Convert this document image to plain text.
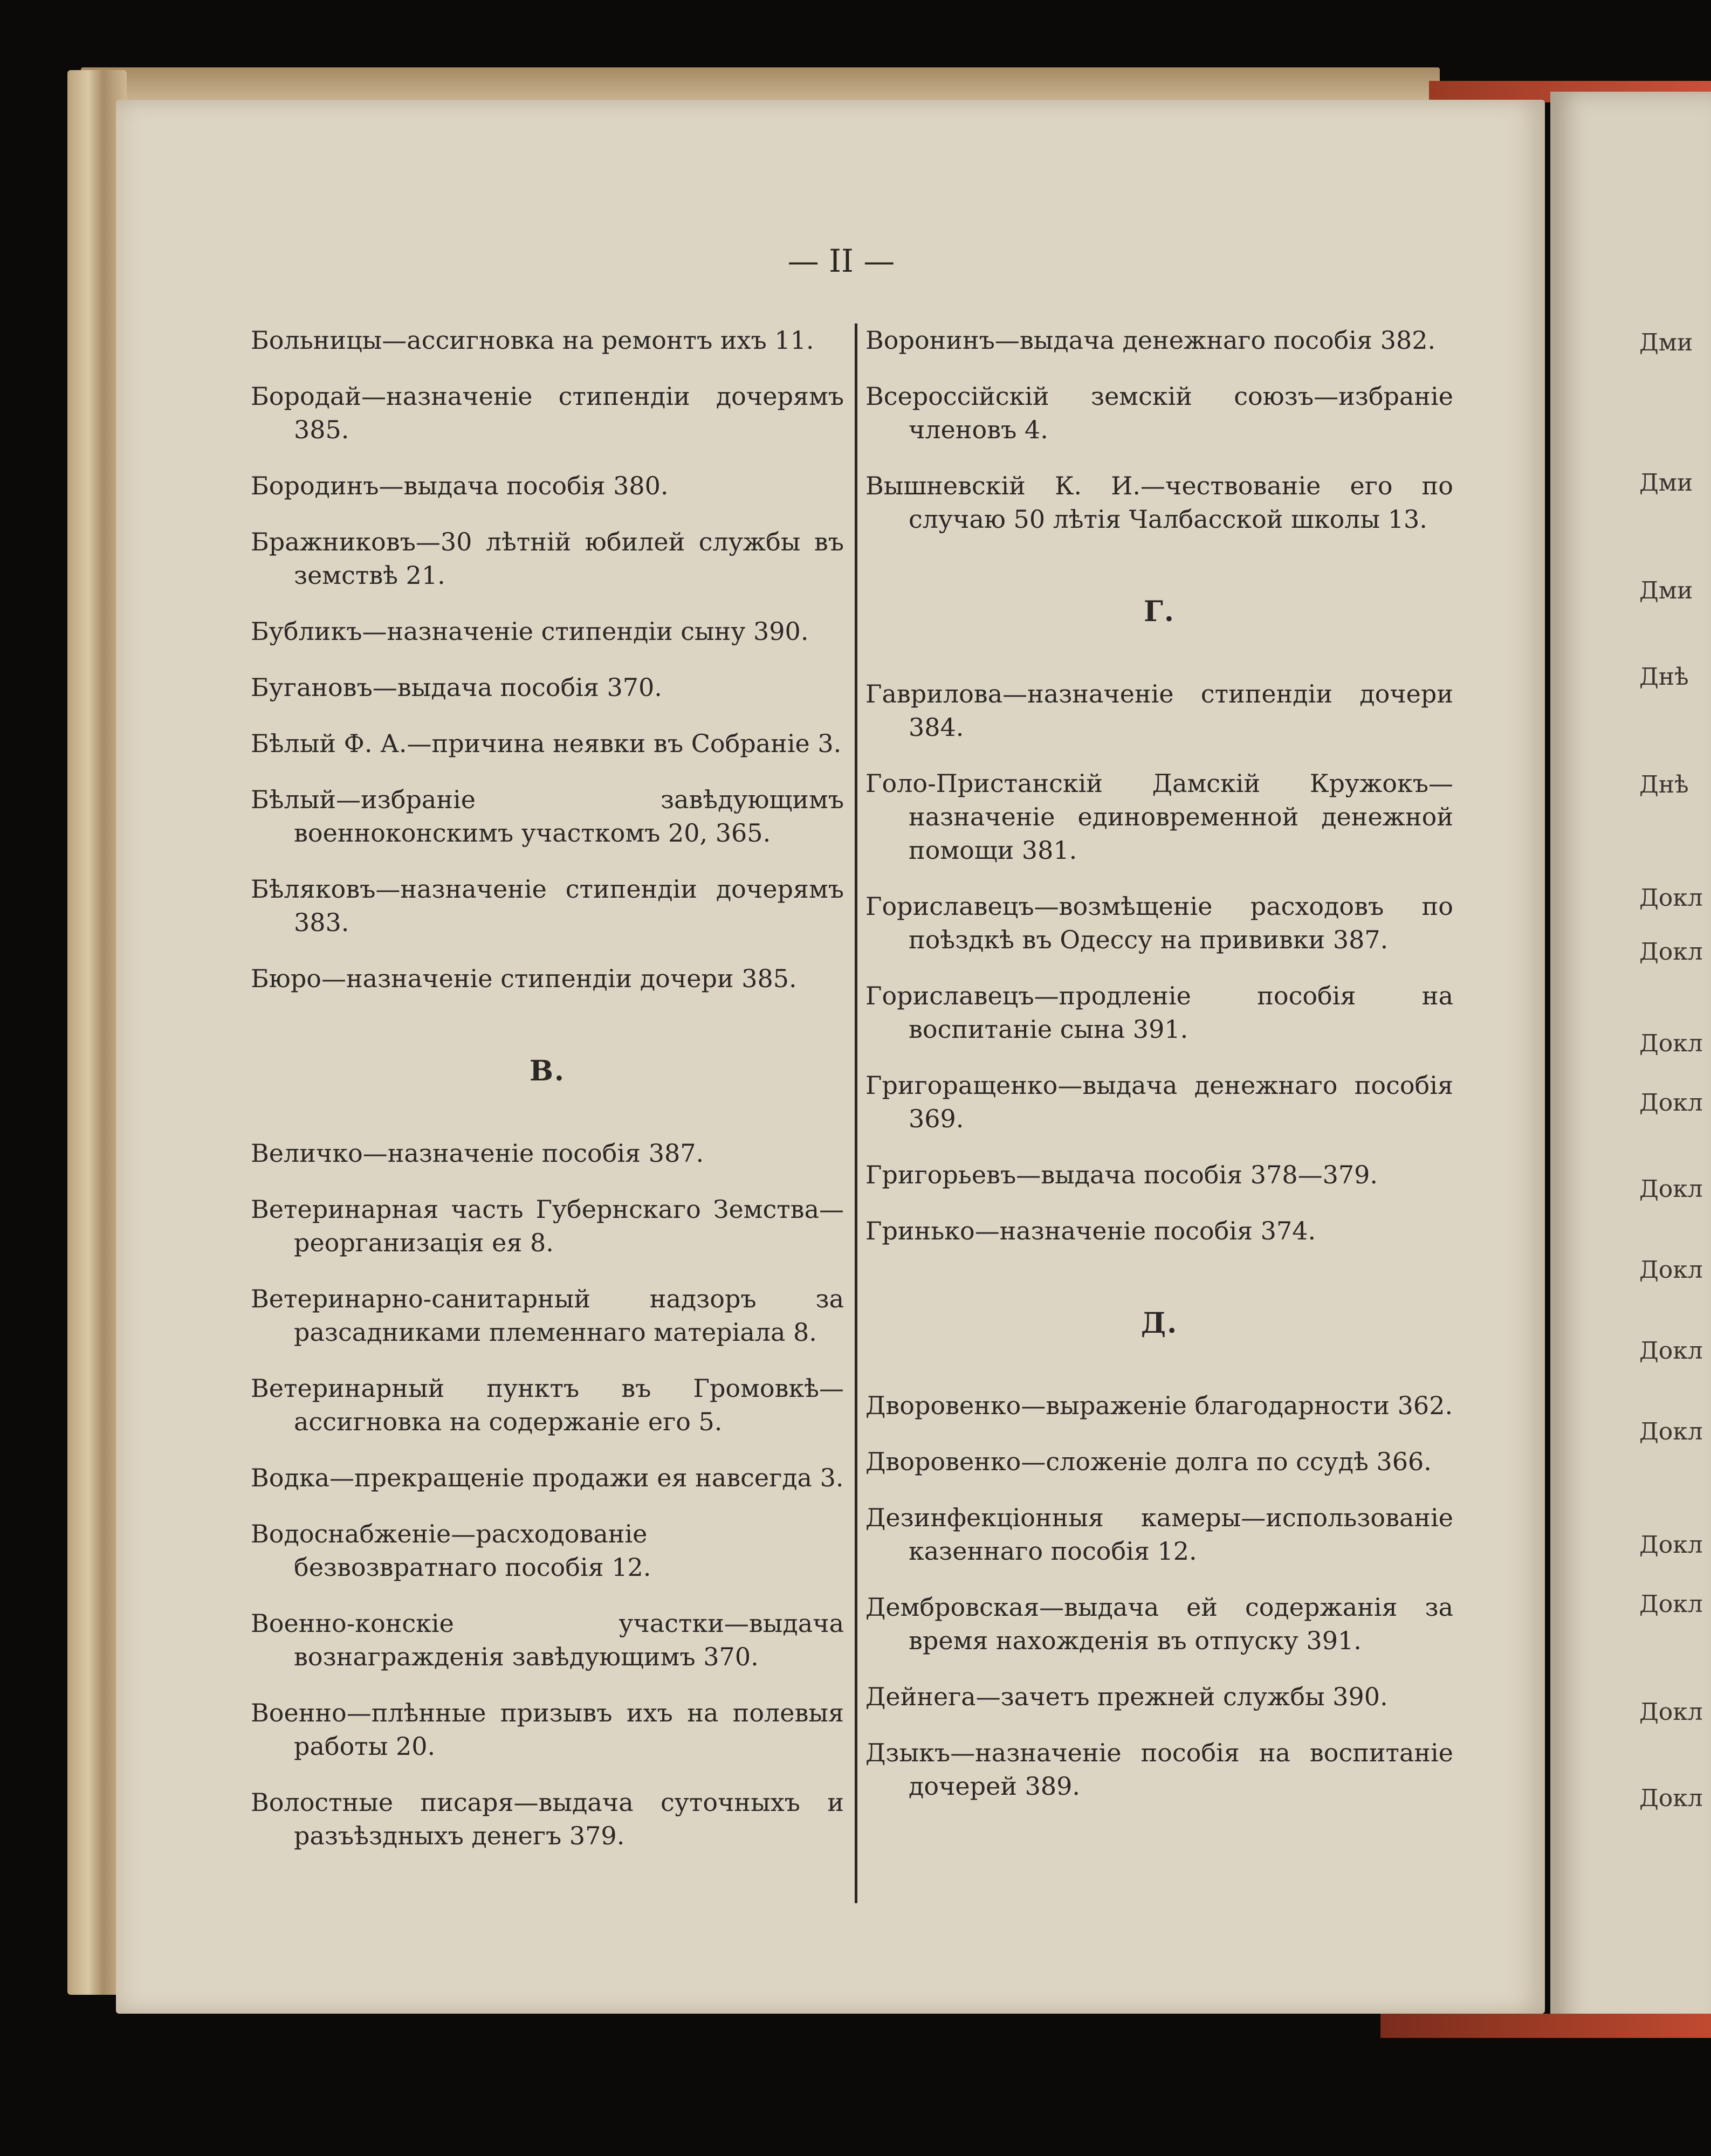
— II —

Больницы—ассигновка на ремонтъ ихъ 11.

Бородай—назначеніе стипендіи дочерямъ 385.

Бородинъ—выдача пособія 380.

Бражниковъ—30 лѣтній юбилей службы въ земствѣ 21.

Бубликъ—назначеніе стипендіи сыну 390.

Бугановъ—выдача пособія 370.

Бѣлый Ф. А.—причина неявки въ Собраніе 3.

Бѣлый—избраніе завѣдующимъ военноконскимъ участкомъ 20, 365.

Бѣляковъ—назначеніе стипендіи дочерямъ 383.

Бюро—назначеніе стипендіи дочери 385.

В.

Величко—назначеніе пособія 387.

Ветеринарная часть Губернскаго Земства—реорганизація ея 8.

Ветеринарно-санитарный надзоръ за разсадниками племеннаго матеріала 8.

Ветеринарный пунктъ въ Громовкѣ—ассигновка на содержаніе его 5.

Водка—прекращеніе продажи ея навсегда 3.

Водоснабженіе—расходованіе безвозвратнаго пособія 12.

Военно-конскіе участки—выдача вознагражденія завѣдующимъ 370.

Военно—плѣнные призывъ ихъ на полевыя работы 20.

Волостные писаря—выдача суточныхъ и разъѣздныхъ денегъ 379.

Воронинъ—выдача денежнаго пособія 382.

Всероссійскій земскій союзъ—избраніе членовъ 4.

Вышневскій К. И.—чествованіе его по случаю 50 лѣтія Чалбасской школы 13.

Г.

Гаврилова—назначеніе стипендіи дочери 384.

Голо-Пристанскій Дамскій Кружокъ—назначеніе единовременной денежной помощи 381.

Гориславецъ—возмѣщеніе расходовъ по поѣздкѣ въ Одессу на прививки 387.

Гориславецъ—продленіе пособія на воспитаніе сына 391.

Григоращенко—выдача денежнаго пособія 369.

Григорьевъ—выдача пособія 378—379.

Гринько—назначеніе пособія 374.

Д.

Дворовенко—выраженіе благодарности 362.

Дворовенко—сложеніе долга по ссудѣ 366.

Дезинфекціонныя камеры—использованіе казеннаго пособія 12.

Дембровская—выдача ей содержанія за время нахожденія въ отпуску 391.

Дейнега—зачетъ прежней службы 390.

Дзыкъ—назначеніе пособія на воспитаніе дочерей 389.

Дми
Дми
Дми
Днѣ
Днѣ
Докл
Докл
Докл
Докл
Докл
Докл
Докл
Докл
Докл
Докл
Докл
Докл
